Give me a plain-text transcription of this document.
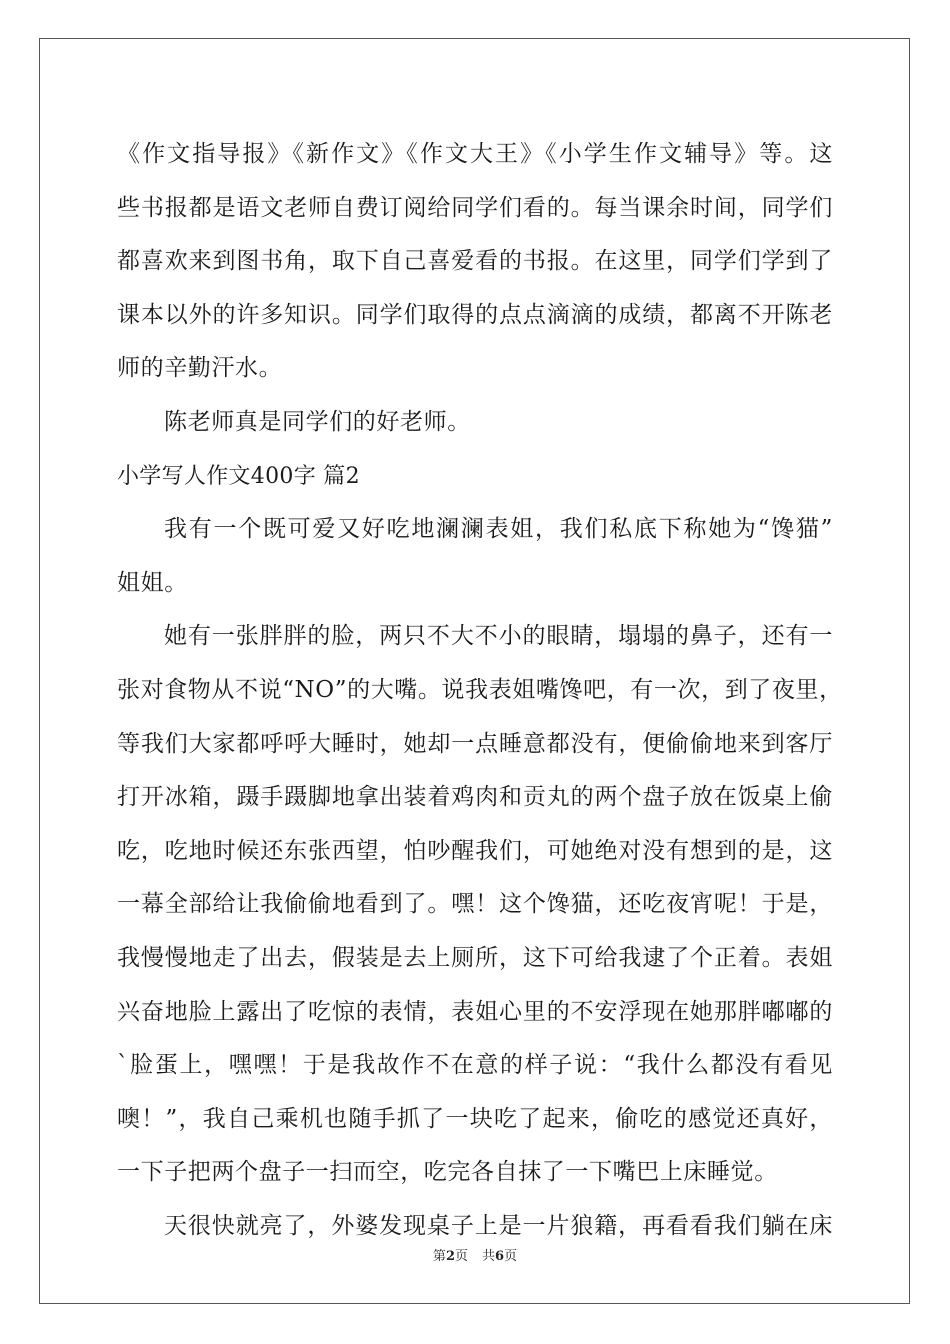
《作文指导报》《新作文》《作文大王》《小学生作文辅导》等。这
些书报都是语文老师自费订阅给同学们看的。每当课余时间，同学们
都喜欢来到图书角，取下自己喜爱看的书报。在这里，同学们学到了
课本以外的许多知识。同学们取得的点点滴滴的成绩，都离不开陈老
师的辛勤汗水。
陈老师真是同学们的好老师。
小学写人作文400字 篇2
我有一个既可爱又好吃地澜澜表姐，我们私底下称她为“馋猫”
姐姐。
她有一张胖胖的脸，两只不大不小的眼睛，塌塌的鼻子，还有一
张对食物从不说“NO”的大嘴。说我表姐嘴馋吧，有一次，到了夜里，
等我们大家都呼呼大睡时，她却一点睡意都没有，便偷偷地来到客厅
打开冰箱，蹑手蹑脚地拿出装着鸡肉和贡丸的两个盘子放在饭桌上偷
吃，吃地时候还东张西望，怕吵醒我们，可她绝对没有想到的是，这
一幕全部给让我偷偷地看到了。嘿！这个馋猫，还吃夜宵呢！于是，
我慢慢地走了出去，假装是去上厕所，这下可给我逮了个正着。表姐
兴奋地脸上露出了吃惊的表情，表姐心里的不安浮现在她那胖嘟嘟的
`脸蛋上，嘿嘿！于是我故作不在意的样子说：“我什么都没有看见
噢！”，我自己乘机也随手抓了一块吃了起来，偷吃的感觉还真好，
一下子把两个盘子一扫而空，吃完各自抹了一下嘴巴上床睡觉。
天很快就亮了，外婆发现桌子上是一片狼籍，再看看我们躺在床
第2页 共6页
